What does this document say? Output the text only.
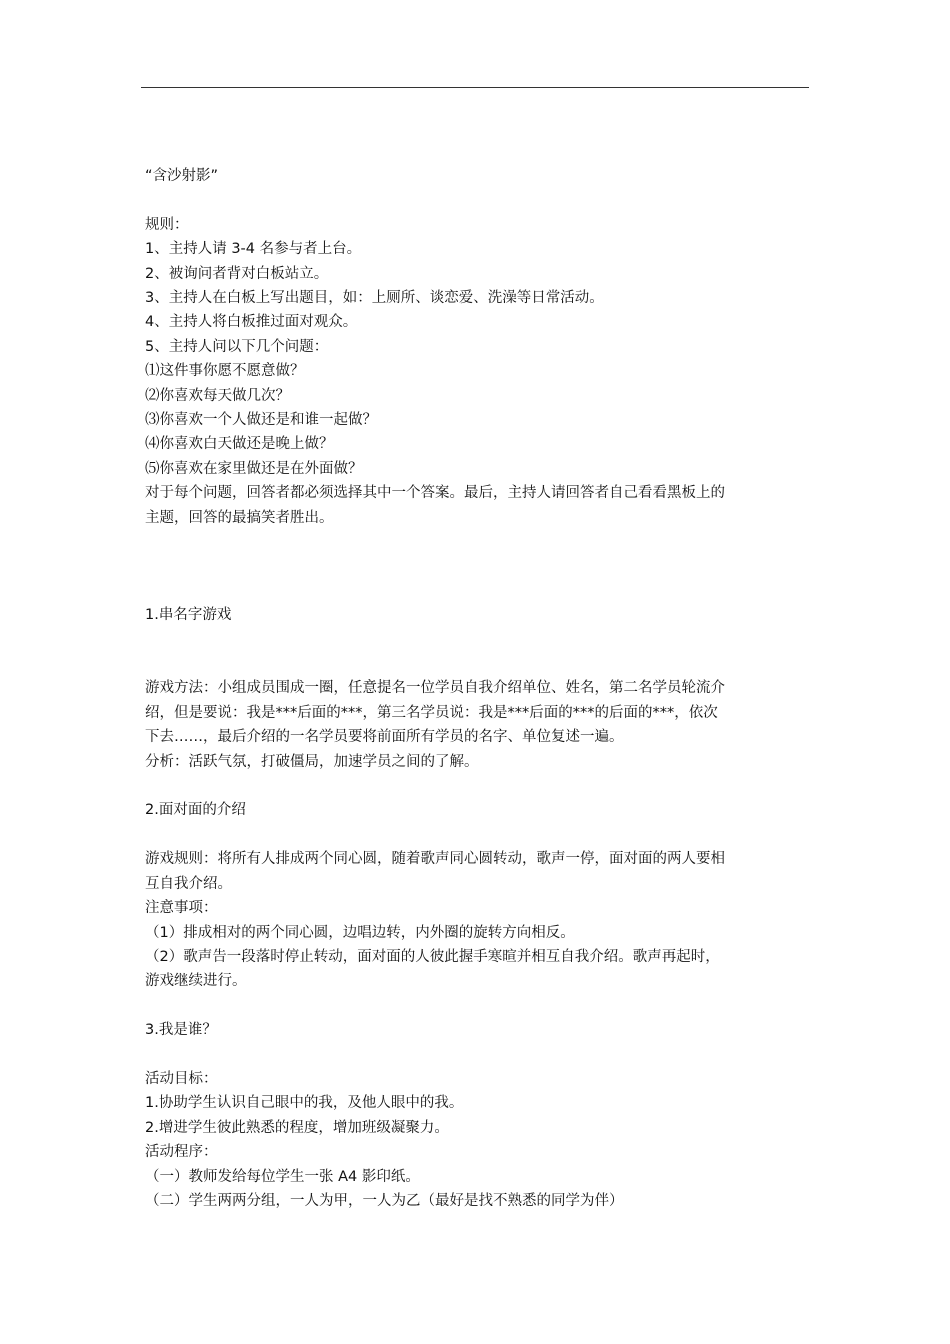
“含沙射影”
规则：
1、主持人请 3-4 名参与者上台。
2、被询问者背对白板站立。
3、主持人在白板上写出题目，如：上厕所、谈恋爱、洗澡等日常活动。
4、主持人将白板推过面对观众。
5、主持人问以下几个问题：
⑴这件事你愿不愿意做？
⑵你喜欢每天做几次？
⑶你喜欢一个人做还是和谁一起做？
⑷你喜欢白天做还是晚上做？
⑸你喜欢在家里做还是在外面做？
对于每个问题，回答者都必须选择其中一个答案。最后，主持人请回答者自己看看黑板上的
主题，回答的最搞笑者胜出。
1.串名字游戏
游戏方法：小组成员围成一圈，任意提名一位学员自我介绍单位、姓名，第二名学员轮流介
绍，但是要说：我是***后面的***，第三名学员说：我是***后面的***的后面的***，依次
下去……，最后介绍的一名学员要将前面所有学员的名字、单位复述一遍。
分析：活跃气氛，打破僵局，加速学员之间的了解。
2.面对面的介绍
游戏规则：将所有人排成两个同心圆，随着歌声同心圆转动，歌声一停，面对面的两人要相
互自我介绍。
注意事项：
（1）排成相对的两个同心圆，边唱边转，内外圈的旋转方向相反。
（2）歌声告一段落时停止转动，面对面的人彼此握手寒暄并相互自我介绍。歌声再起时，
游戏继续进行。
3.我是谁？
活动目标：
1.协助学生认识自己眼中的我，及他人眼中的我。
2.增进学生彼此熟悉的程度，增加班级凝聚力。
活动程序：
（一）教师发给每位学生一张 A4 影印纸。
（二）学生两两分组，一人为甲，一人为乙（最好是找不熟悉的同学为伴）
